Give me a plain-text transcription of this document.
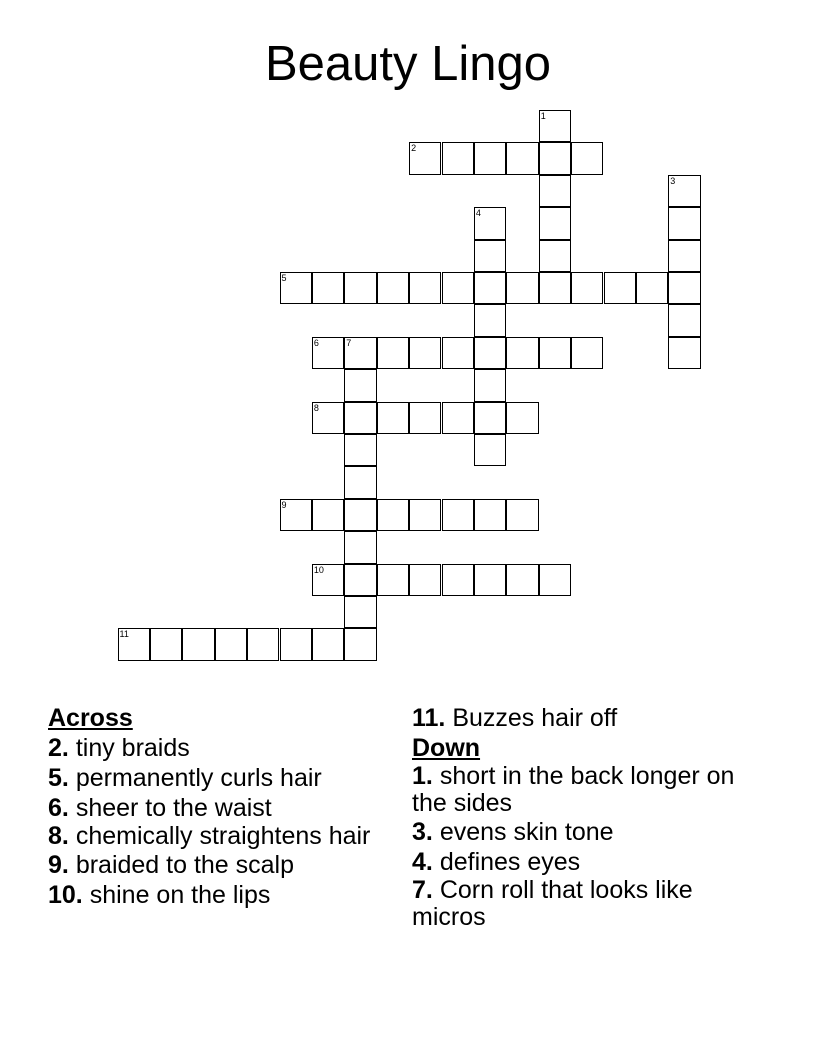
Beauty Lingo
1
2
3
4
5
6	7
8
9
10
11
Across
2. tiny braids
5. permanently curls hair
6. sheer to the waist
8. chemically straightens hair
9. braided to the scalp
10. shine on the lips
11. Buzzes hair off
Down
1. short in the back longer on the sides
3. evens skin tone
4. defines eyes
7. Corn roll that looks like micros
